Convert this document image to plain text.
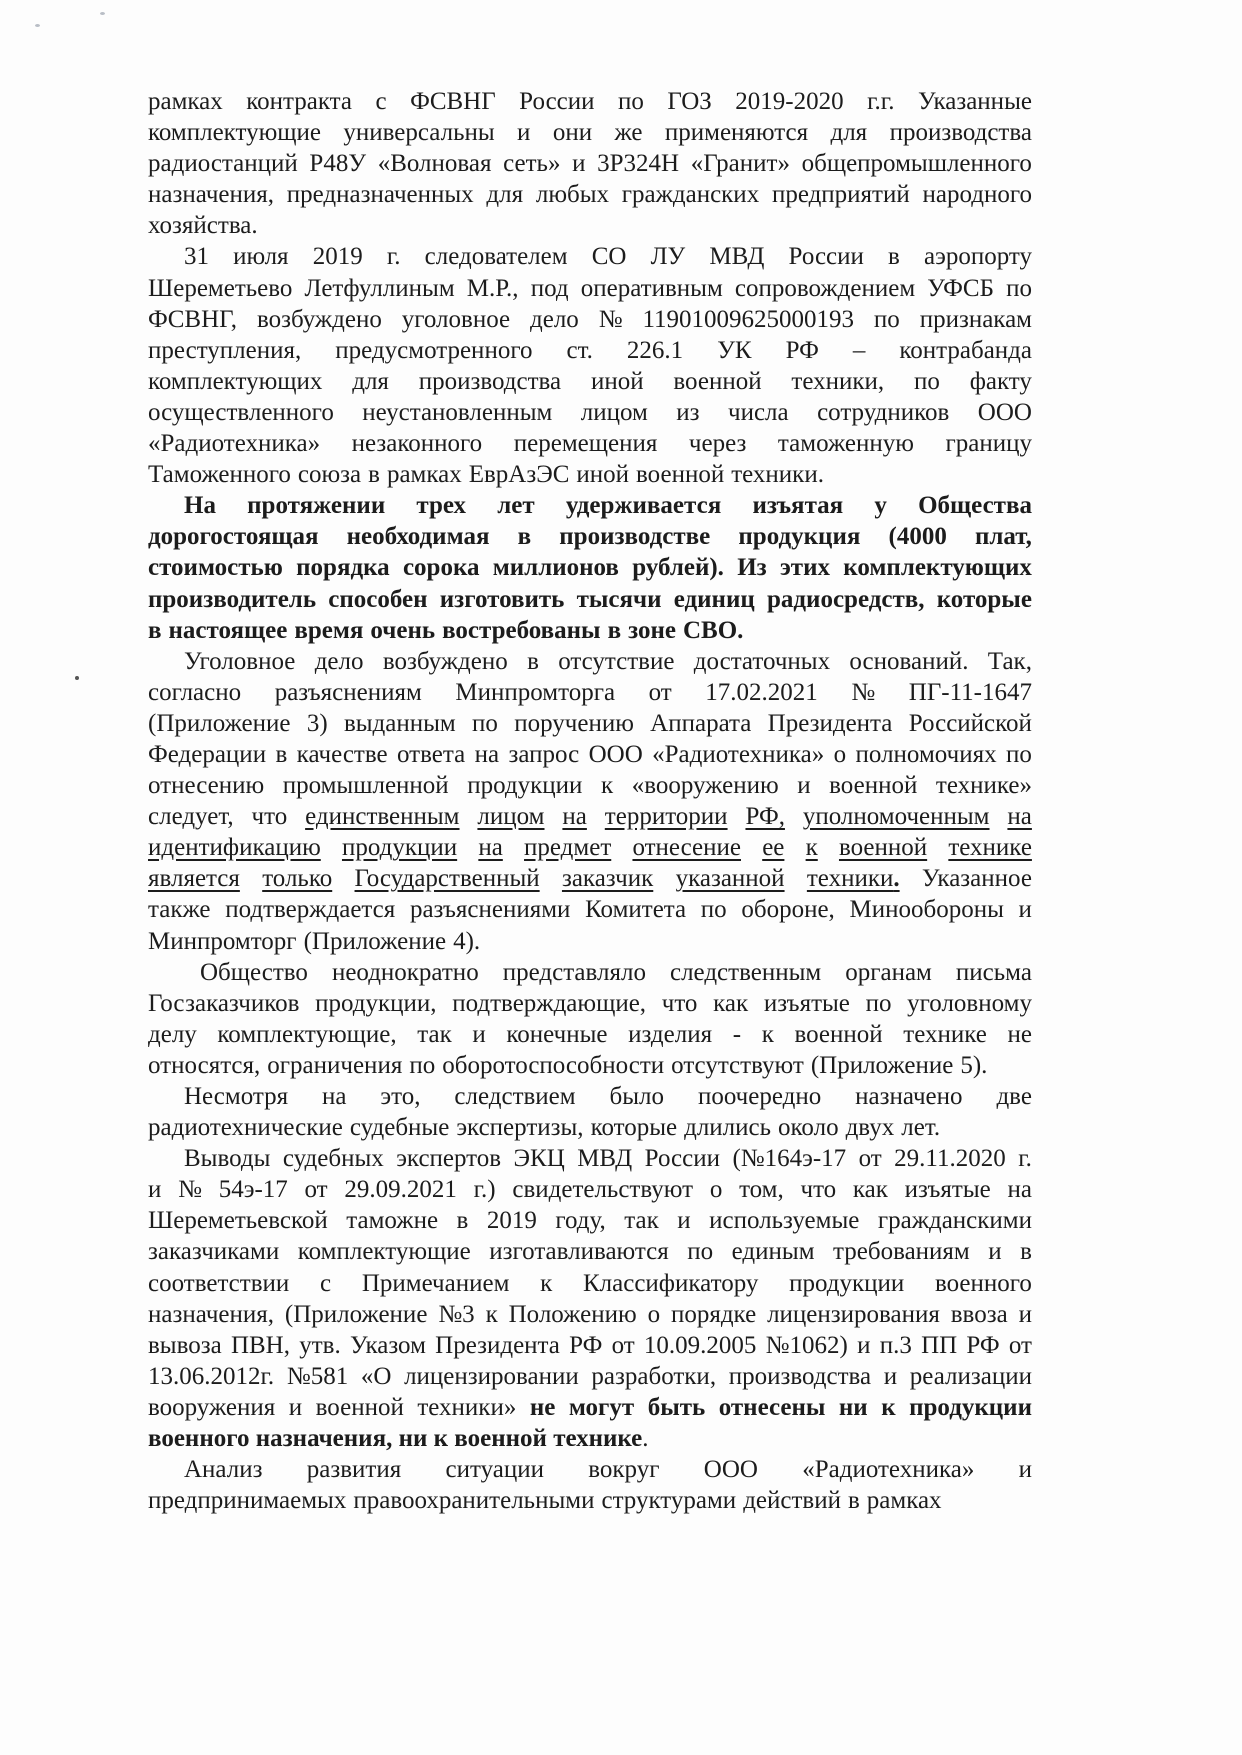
рамках контракта с ФСВНГ России по ГОЗ 2019-2020 г.г. Указанные
комплектующие универсальны и они же применяются для производства
радиостанций Р48У «Волновая сеть» и 3Р324Н «Гранит» общепромышленного
назначения, предназначенных для любых гражданских предприятий народного
хозяйства.
31 июля 2019 г. следователем СО ЛУ МВД России в аэропорту
Шереметьево Летфуллиным М.Р., под оперативным сопровождением УФСБ по
ФСВНГ, возбуждено уголовное дело № 11901009625000193 по признакам
преступления, предусмотренного ст. 226.1 УК РФ – контрабанда
комплектующих для производства иной военной техники, по факту
осуществленного неустановленным лицом из числа сотрудников ООО
«Радиотехника» незаконного перемещения через таможенную границу
Таможенного союза в рамках ЕврАзЭС иной военной техники.
На протяжении трех лет удерживается изъятая у Общества
дорогостоящая необходимая в производстве продукция (4000 плат,
стоимостью порядка сорока миллионов рублей). Из этих комплектующих
производитель способен изготовить тысячи единиц радиосредств, которые
в настоящее время очень востребованы в зоне СВО.
Уголовное дело возбуждено в отсутствие достаточных оснований. Так,
согласно разъяснениям Минпромторга от 17.02.2021 № ПГ-11-1647
(Приложение 3) выданным по поручению Аппарата Президента Российской
Федерации в качестве ответа на запрос ООО «Радиотехника» о полномочиях по
отнесению промышленной продукции к «вооружению и военной технике»
следует, что единственным лицом на территории РФ, уполномоченным на
идентификацию продукции на предмет отнесение ее к военной технике
является только Государственный заказчик указанной техники. Указанное
также подтверждается разъяснениями Комитета по обороне, Минообороны и
Минпромторг (Приложение 4).
Общество неоднократно представляло следственным органам письма
Госзаказчиков продукции, подтверждающие, что как изъятые по уголовному
делу комплектующие, так и конечные изделия - к военной технике не
относятся, ограничения по оборотоспособности отсутствуют (Приложение 5).
Несмотря на это, следствием было поочередно назначено две
радиотехнические судебные экспертизы, которые длились около двух лет.
Выводы судебных экспертов ЭКЦ МВД России (№164э-17 от 29.11.2020 г.
и № 54э-17 от 29.09.2021 г.) свидетельствуют о том, что как изъятые на
Шереметьевской таможне в 2019 году, так и используемые гражданскими
заказчиками комплектующие изготавливаются по единым требованиям и в
соответствии с Примечанием к Классификатору продукции военного
назначения, (Приложение №3 к Положению о порядке лицензирования ввоза и
вывоза ПВН, утв. Указом Президента РФ от 10.09.2005 №1062) и п.3 ПП РФ от
13.06.2012г. №581 «О лицензировании разработки, производства и реализации
вооружения и военной техники» не могут быть отнесены ни к продукции
военного назначения, ни к военной технике .
Анализ развития ситуации вокруг ООО «Радиотехника» и
предпринимаемых правоохранительными структурами действий в рамках
